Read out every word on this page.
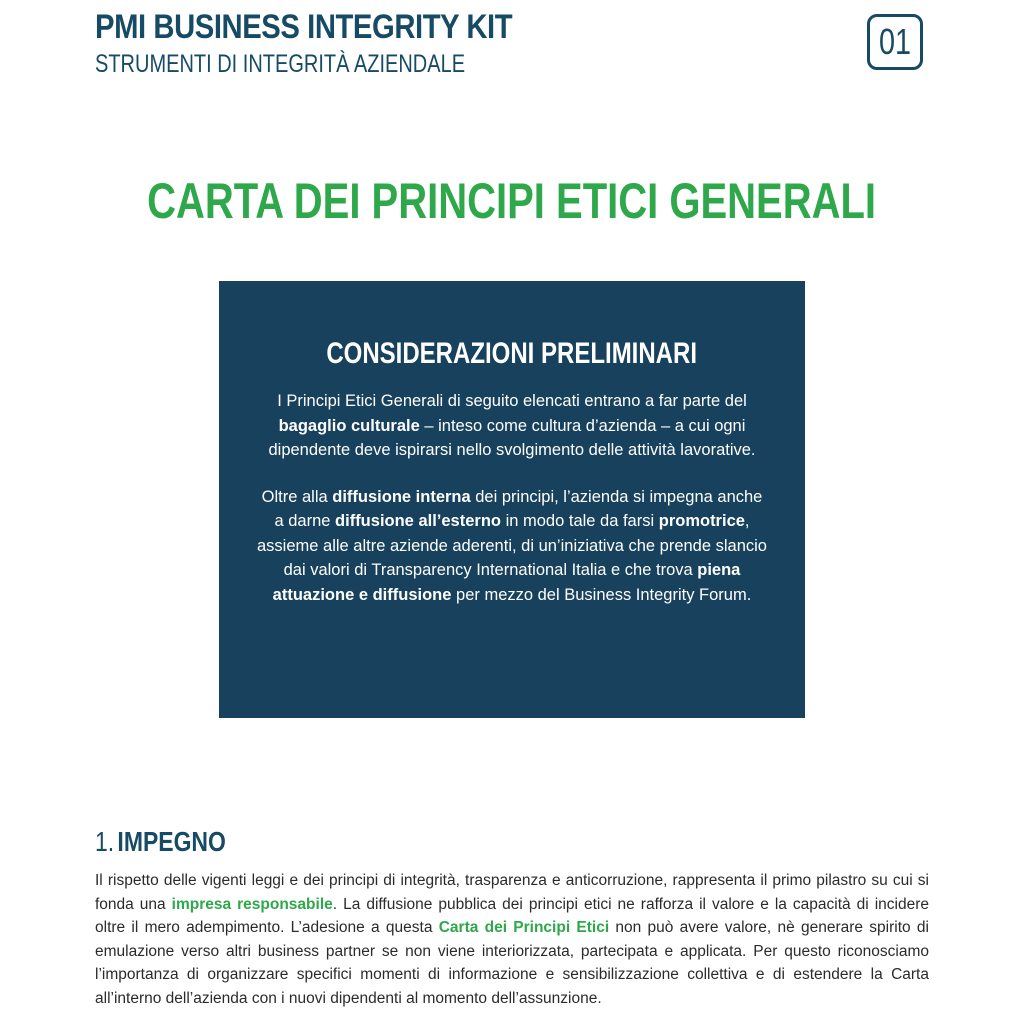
PMI BUSINESS INTEGRITY KIT
STRUMENTI DI INTEGRITÀ AZIENDALE
01
CARTA DEI PRINCIPI ETICI GENERALI
CONSIDERAZIONI PRELIMINARI

I Principi Etici Generali di seguito elencati entrano a far parte del bagaglio culturale – inteso come cultura d’azienda – a cui ogni dipendente deve ispirarsi nello svolgimento delle attività lavorative.

Oltre alla diffusione interna dei principi, l’azienda si impegna anche a darne diffusione all’esterno in modo tale da farsi promotrice, assieme alle altre aziende aderenti, di un’iniziativa che prende slancio dai valori di Transparency International Italia e che trova piena attuazione e diffusione per mezzo del Business Integrity Forum.

1. IMPEGNO

Il rispetto delle vigenti leggi e dei principi di integrità, trasparenza e anticorruzione, rappresenta il primo pilastro su cui si fonda una impresa responsabile. La diffusione pubblica dei principi etici ne rafforza il valore e la capacità di incidere oltre il mero adempimento. L’adesione a questa Carta dei Principi Etici non può avere valore, nè generare spirito di emulazione verso altri business partner se non viene interiorizzata, partecipata e applicata. Per questo riconosciamo l’importanza di organizzare specifici momenti di informazione e sensibilizzazione collettiva e di estendere la Carta all’interno dell’azienda con i nuovi dipendenti al momento dell’assunzione.
